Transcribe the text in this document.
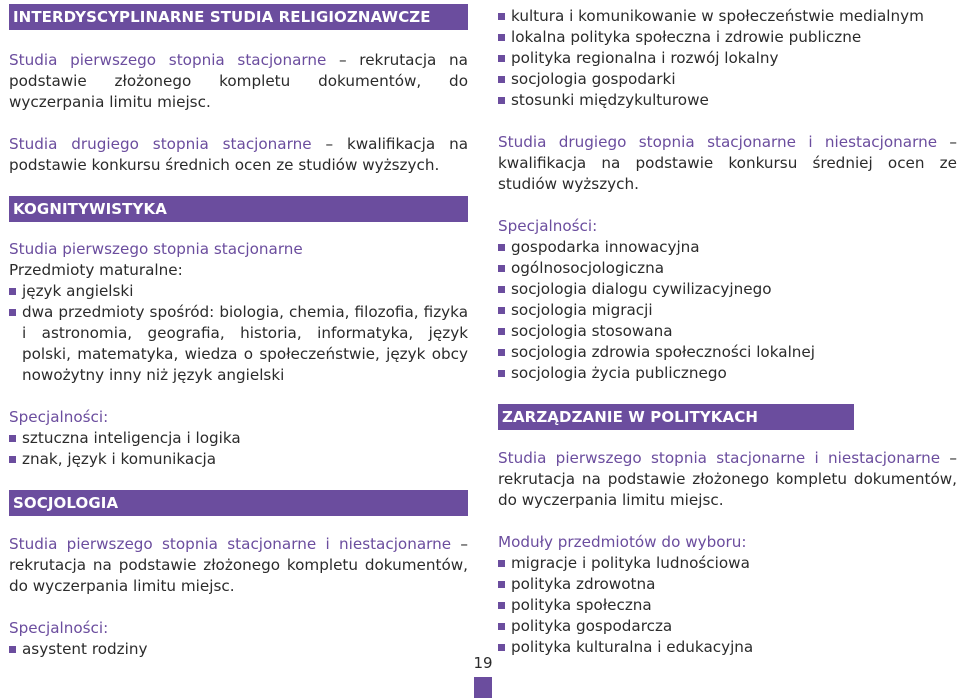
INTERDYSCYPLINARNE STUDIA RELIGIOZNAWCZE

Studia pierwszego stopnia stacjonarne – rekrutacja na podstawie złożonego kompletu dokumentów, do wyczerpania limitu miejsc.

Studia drugiego stopnia stacjonarne – kwalifikacja na podstawie konkursu średnich ocen ze studiów wyższych.

KOGNITYWISTYKA

Studia pierwszego stopnia stacjonarne

Przedmioty maturalne:

język angielski
dwa przedmioty spośród: biologia, chemia, filozofia, fizyka i astronomia, geografia, historia, informatyka, język polski, matematyka, wiedza o społeczeństwie, język obcy nowożytny inny niż język angielski

Specjalności:

sztuczna inteligencja i logika
znak, język i komunikacja
SOCJOLOGIA

Studia pierwszego stopnia stacjonarne i niestacjonarne – rekrutacja na podstawie złożonego kompletu dokumentów, do wyczerpania limitu miejsc.

Specjalności:

asystent rodziny
kultura i komunikowanie w społeczeństwie medialnym
lokalna polityka społeczna i zdrowie publiczne
polityka regionalna i rozwój lokalny
socjologia gospodarki
stosunki międzykulturowe

Studia drugiego stopnia stacjonarne i niestacjonarne – kwalifikacja na podstawie konkursu średniej ocen ze studiów wyższych.

Specjalności:

gospodarka innowacyjna
ogólnosocjologiczna
socjologia dialogu cywilizacyjnego
socjologia migracji
socjologia stosowana
socjologia zdrowia społeczności lokalnej
socjologia życia publicznego
ZARZĄDZANIE W POLITYKACH PUBLICZNYCH

Studia pierwszego stopnia stacjonarne i niestacjonarne – rekrutacja na podstawie złożonego kompletu dokumentów, do wyczerpania limitu miejsc.

Moduły przedmiotów do wyboru:

migracje i polityka ludnościowa
polityka zdrowotna
polityka społeczna
polityka gospodarcza
polityka kulturalna i edukacyjna
19
